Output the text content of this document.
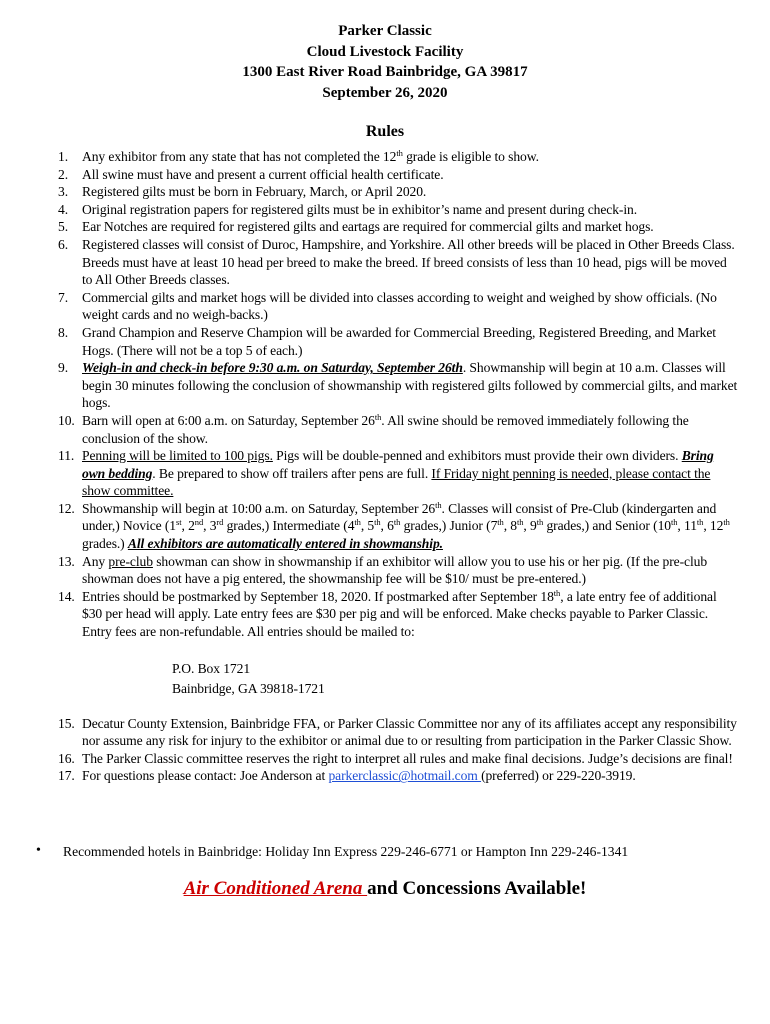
Parker Classic
Cloud Livestock Facility
1300 East River Road Bainbridge, GA 39817
September 26, 2020
Rules
1. Any exhibitor from any state that has not completed the 12th grade is eligible to show.
2. All swine must have and present a current official health certificate.
3. Registered gilts must be born in February, March, or April 2020.
4. Original registration papers for registered gilts must be in exhibitor’s name and present during check-in.
5. Ear Notches are required for registered gilts and eartags are required for commercial gilts and market hogs.
6. Registered classes will consist of Duroc, Hampshire, and Yorkshire. All other breeds will be placed in Other Breeds Class. Breeds must have at least 10 head per breed to make the breed. If breed consists of less than 10 head, pigs will be moved to All Other Breeds classes.
7. Commercial gilts and market hogs will be divided into classes according to weight and weighed by show officials. (No weight cards and no weigh-backs.)
8. Grand Champion and Reserve Champion will be awarded for Commercial Breeding, Registered Breeding, and Market Hogs. (There will not be a top 5 of each.)
9. Weigh-in and check-in before 9:30 a.m. on Saturday, September 26th. Showmanship will begin at 10 a.m. Classes will begin 30 minutes following the conclusion of showmanship with registered gilts followed by commercial gilts, and market hogs.
10. Barn will open at 6:00 a.m. on Saturday, September 26th. All swine should be removed immediately following the conclusion of the show.
11. Penning will be limited to 100 pigs. Pigs will be double-penned and exhibitors must provide their own dividers. Bring own bedding. Be prepared to show off trailers after pens are full. If Friday night penning is needed, please contact the show committee.
12. Showmanship will begin at 10:00 a.m. on Saturday, September 26th. Classes will consist of Pre-Club (kindergarten and under,) Novice (1st, 2nd, 3rd grades,) Intermediate (4th, 5th, 6th grades,) Junior (7th, 8th, 9th grades,) and Senior (10th, 11th, 12th grades.) All exhibitors are automatically entered in showmanship.
13. Any pre-club showman can show in showmanship if an exhibitor will allow you to use his or her pig. (If the pre-club showman does not have a pig entered, the showmanship fee will be $10/ must be pre-entered.)
14. Entries should be postmarked by September 18, 2020. If postmarked after September 18th, a late entry fee of additional $30 per head will apply. Late entry fees are $30 per pig and will be enforced. Make checks payable to Parker Classic. Entry fees are non-refundable. All entries should be mailed to:
P.O. Box 1721
Bainbridge, GA 39818-1721
15. Decatur County Extension, Bainbridge FFA, or Parker Classic Committee nor any of its affiliates accept any responsibility nor assume any risk for injury to the exhibitor or animal due to or resulting from participation in the Parker Classic Show.
16. The Parker Classic committee reserves the right to interpret all rules and make final decisions. Judge’s decisions are final!
17. For questions please contact: Joe Anderson at parkerclassic@hotmail.com (preferred) or 229-220-3919.
• Recommended hotels in Bainbridge: Holiday Inn Express 229-246-6771 or Hampton Inn 229-246-1341
Air Conditioned Arena and Concessions Available!
